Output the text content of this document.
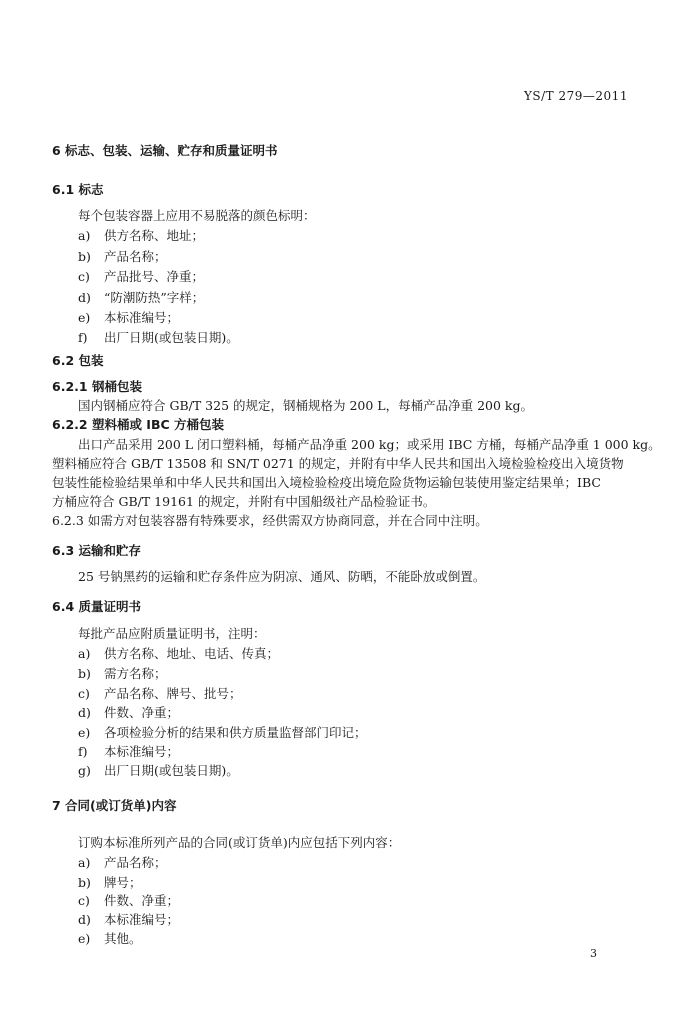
YS/T 279—2011
6 标志、包装、运输、贮存和质量证明书
6.1 标志
每个包装容器上应用不易脱落的颜色标明：
a) 供方名称、地址；
b) 产品名称；
c) 产品批号、净重；
d) “防潮防热”字样；
e) 本标准编号；
f) 出厂日期(或包装日期)。
6.2 包装
6.2.1 钢桶包装
国内钢桶应符合 GB/T 325 的规定，钢桶规格为 200 L，每桶产品净重 200 kg。
6.2.2 塑料桶或 IBC 方桶包装
出口产品采用 200 L 闭口塑料桶，每桶产品净重 200 kg；或采用 IBC 方桶，每桶产品净重 1 000 kg。
塑料桶应符合 GB/T 13508 和 SN/T 0271 的规定，并附有中华人民共和国出入境检验检疫出入境货物
包装性能检验结果单和中华人民共和国出入境检验检疫出境危险货物运输包装使用鉴定结果单；IBC
方桶应符合 GB/T 19161 的规定，并附有中国船级社产品检验证书。
6.2.3 如需方对包装容器有特殊要求，经供需双方协商同意，并在合同中注明。
6.3 运输和贮存
25 号钠黑药的运输和贮存条件应为阴凉、通风、防晒，不能卧放或倒置。
6.4 质量证明书
每批产品应附质量证明书，注明：
a) 供方名称、地址、电话、传真；
b) 需方名称；
c) 产品名称、牌号、批号；
d) 件数、净重；
e) 各项检验分析的结果和供方质量监督部门印记；
f) 本标准编号；
g) 出厂日期(或包装日期)。
7 合同(或订货单)内容
订购本标准所列产品的合同(或订货单)内应包括下列内容：
a) 产品名称；
b) 牌号；
c) 件数、净重；
d) 本标准编号；
e) 其他。
3
